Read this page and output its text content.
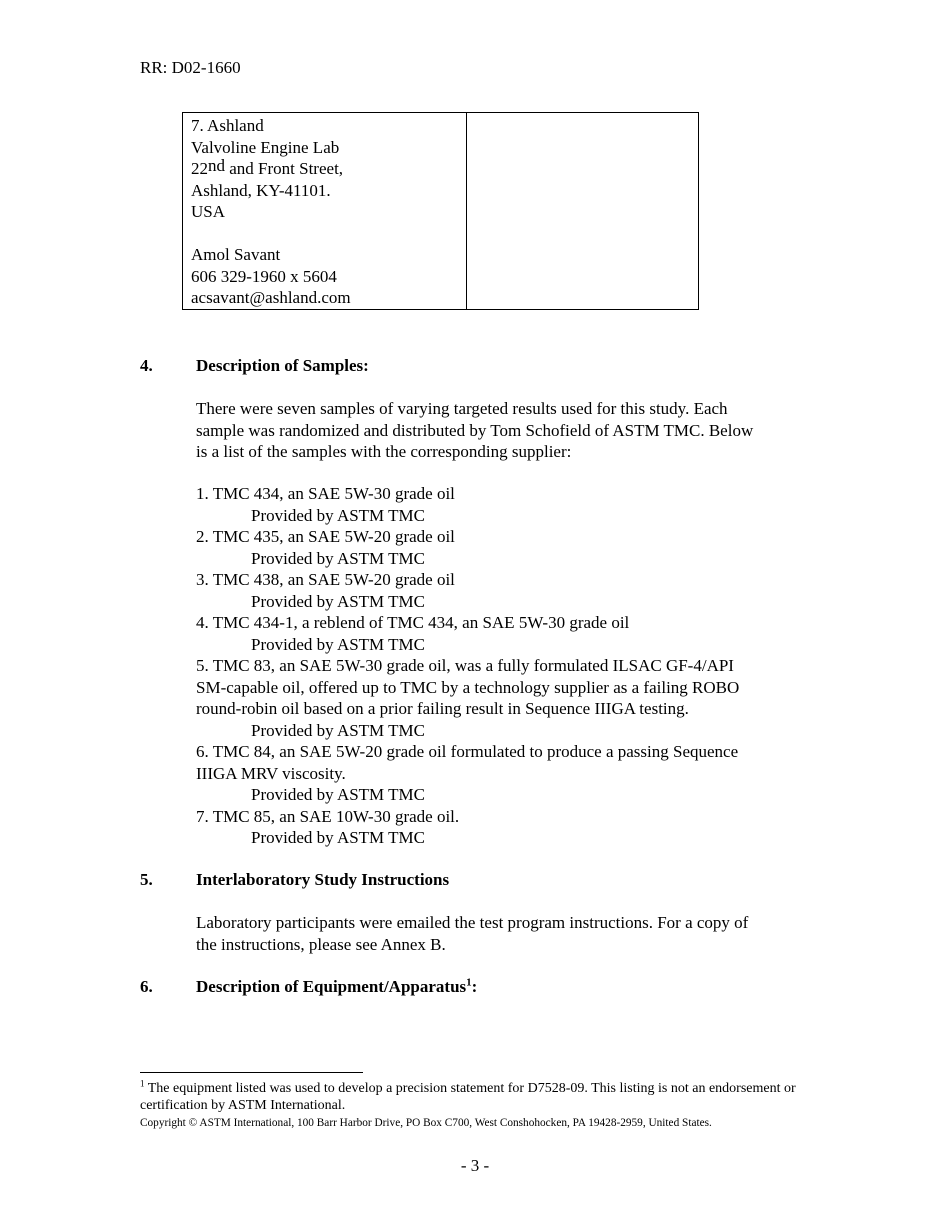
RR: D02-1660
7. Ashland
Valvoline Engine Lab
22nd and Front Street,
Ashland, KY-41101.
USA
Amol Savant
606 329-1960 x 5604
acsavant@ashland.com

4.	Description of Samples:
There were seven samples of varying targeted results used for this study. Each
sample was randomized and distributed by Tom Schofield of ASTM TMC. Below
is a list of the samples with the corresponding supplier:
1. TMC 434, an SAE 5W-30 grade oil
Provided by ASTM TMC
2. TMC 435, an SAE 5W-20 grade oil
Provided by ASTM TMC
3. TMC 438, an SAE 5W-20 grade oil
Provided by ASTM TMC
4. TMC 434-1, a reblend of TMC 434, an SAE 5W-30 grade oil
Provided by ASTM TMC
5. TMC 83, an SAE 5W-30 grade oil, was a fully formulated ILSAC GF-4/API
SM-capable oil, offered up to TMC by a technology supplier as a failing ROBO
round-robin oil based on a prior failing result in Sequence IIIGA testing.
Provided by ASTM TMC
6. TMC 84, an SAE 5W-20 grade oil formulated to produce a passing Sequence
IIIGA MRV viscosity.
Provided by ASTM TMC
7. TMC 85, an SAE 10W-30 grade oil.
Provided by ASTM TMC
5.	Interlaboratory Study Instructions
Laboratory participants were emailed the test program instructions. For a copy of
the instructions, please see Annex B.
6.	Description of Equipment/Apparatus$^1$:
$^1$ The equipment listed was used to develop a precision statement for D7528-09. This listing is not an endorsement or certification by ASTM International.
Copyright © ASTM International, 100 Barr Harbor Drive, PO Box C700, West Conshohocken, PA 19428-2959, United States.
- 3 -
